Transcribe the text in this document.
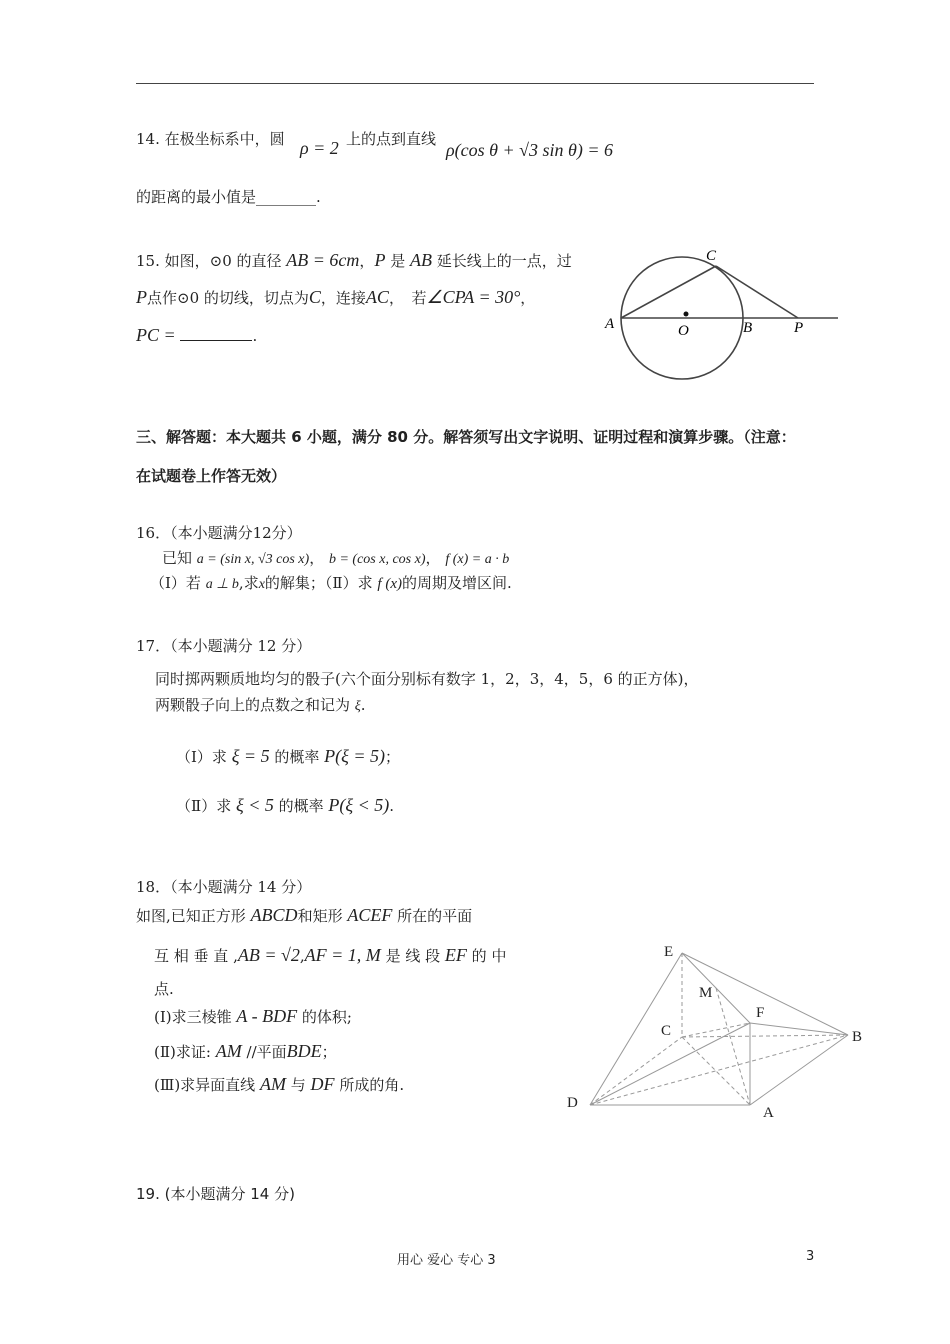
14. 在极坐标系中，圆 ρ = 2 上的点到直线
ρ(cos θ + √3 sin θ) = 6
的距离的最小值是________.
15. 如图，⊙0 的直径 AB = 6cm，P 是 AB 延长线上的一点，过
P点作⊙0 的切线，切点为C，连接AC，　若∠CPA = 30°，
PC =	.
A	O	B	P
C
三、解答题：本大题共 6 小题，满分 80 分。解答须写出文字说明、证明过程和演算步骤。（注意：
在试题卷上作答无效）
16．（本小题满分12分）
已知 a = (sin x, √3 cos x)， b = (cos x, cos x)， f (x) = a · b
（Ⅰ）若 a ⊥ b,求x的解集；（Ⅱ）求 f (x)的周期及增区间.
17．（本小题满分 12 分）
同时掷两颗质地均匀的骰子(六个面分别标有数字 1，2，3，4，5，6 的正方体)，
两颗骰子向上的点数之和记为 ξ.
（Ⅰ）求 ξ = 5 的概率 P(ξ = 5)；
（Ⅱ）求 ξ < 5 的概率 P(ξ < 5).
18．（本小题满分 14 分）
如图,已知正方形 ABCD和矩形 ACEF 所在的平面
互 相 垂 直 ,AB = √2,AF = 1, M 是 线 段 EF 的 中
点.
(Ⅰ)求三棱锥 A - BDF 的体积;
(Ⅱ)求证: AM //平面BDE；
(Ⅲ)求异面直线 AM 与 DF 所成的角.
E
M
F
C	B
D
A
19. (本小题满分 14 分)
用心 爱心 专心 3	3
